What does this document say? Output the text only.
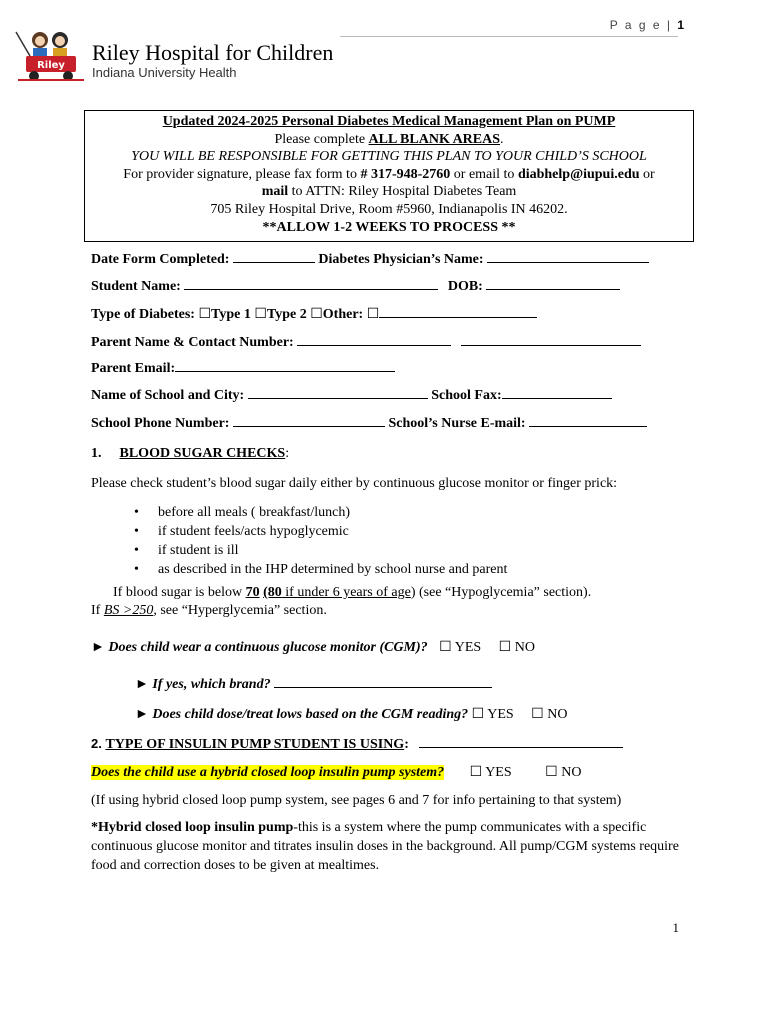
P a g e | 1
Riley
Riley Hospital for Children
Indiana University Health
Updated 2024-2025 Personal Diabetes Medical Management Plan on PUMP
Please complete ALL BLANK AREAS.
YOU WILL BE RESPONSIBLE FOR GETTING THIS PLAN TO YOUR CHILD’S SCHOOL
For provider signature, please fax form to # 317-948-2760 or email to diabhelp@iupui.edu or
mail to ATTN: Riley Hospital Diabetes Team
705 Riley Hospital Drive, Room #5960, Indianapolis IN 46202.
**ALLOW 1-2 WEEKS TO PROCESS **
Date Form Completed:	Diabetes Physician’s Name:
Student Name:	DOB:
Type of Diabetes: ☐Type 1 ☐Type 2 ☐Other: ☐
Parent Name & Contact Number:
Parent Email:
Name of School and City:	School Fax:
School Phone Number:	School’s Nurse E-mail:
1. BLOOD SUGAR CHECKS:
Please check student’s blood sugar daily either by continuous glucose monitor or finger prick:
• before all meals ( breakfast/lunch)
• if student feels/acts hypoglycemic
• if student is ill
• as described in the IHP determined by school nurse and parent
If blood sugar is below 70 (80 if under 6 years of age) (see “Hypoglycemia” section).
If BS >250, see “Hyperglycemia” section.
► Does child wear a continuous glucose monitor (CGM)? ☐ YES ☐ NO
► If yes, which brand?
► Does child dose/treat lows based on the CGM reading? ☐ YES ☐ NO
2. TYPE OF INSULIN PUMP STUDENT IS USING:
Does the child use a hybrid closed loop insulin pump system? ☐ YES ☐ NO
(If using hybrid closed loop pump system, see pages 6 and 7 for info pertaining to that system)
*Hybrid closed loop insulin pump-this is a system where the pump communicates with a specific continuous glucose monitor and titrates insulin doses in the background. All pump/CGM systems require food and correction doses to be given at mealtimes.
1
